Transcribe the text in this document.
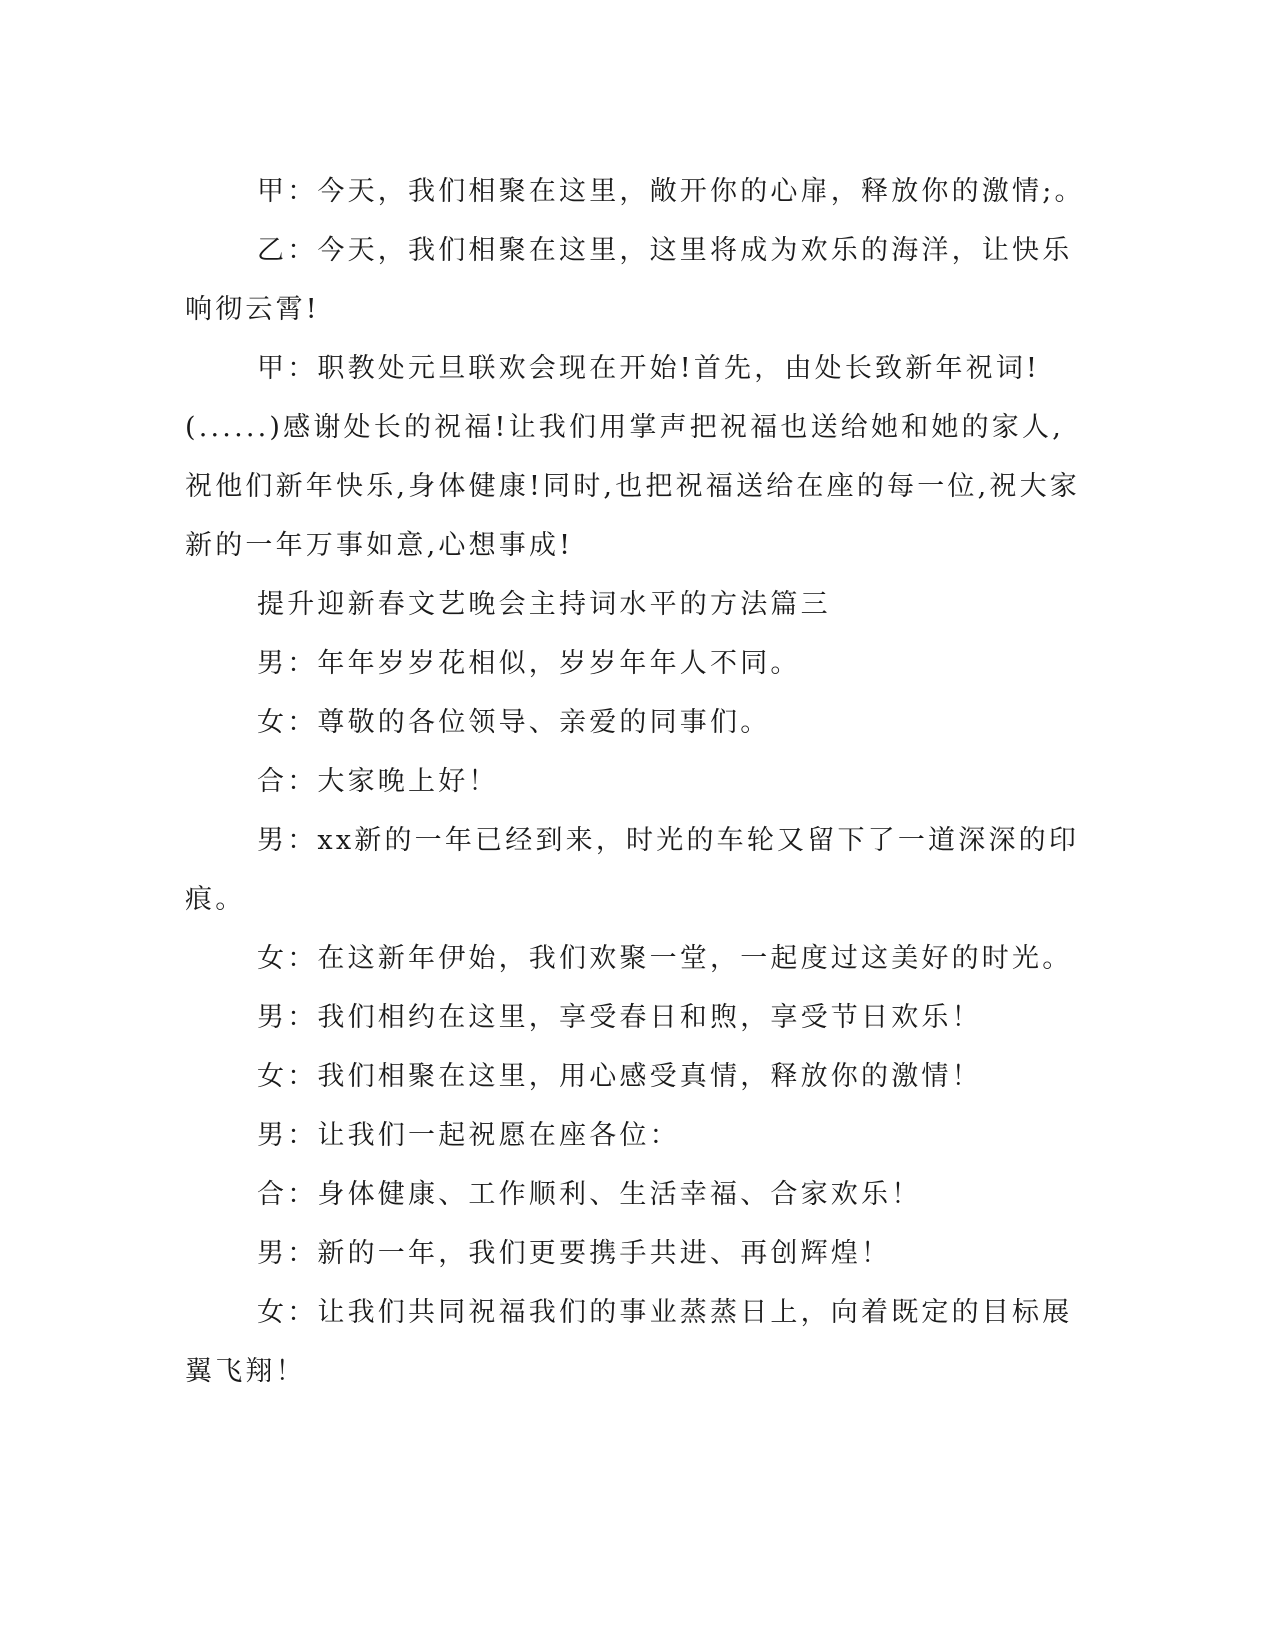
甲：今天，我们相聚在这里，敞开你的心扉，释放你的激情;。

乙：今天，我们相聚在这里，这里将成为欢乐的海洋，让快乐响彻云霄!

甲：职教处元旦联欢会现在开始!首先，由处长致新年祝词!(......)感谢处长的祝福!让我们用掌声把祝福也送给她和她的家人,祝他们新年快乐,身体健康!同时,也把祝福送给在座的每一位,祝大家新的一年万事如意,心想事成!

提升迎新春文艺晚会主持词水平的方法篇三

男：年年岁岁花相似，岁岁年年人不同。

女：尊敬的各位领导、亲爱的同事们。

合：大家晚上好！

男：xx新的一年已经到来，时光的车轮又留下了一道深深的印痕。

女：在这新年伊始，我们欢聚一堂，一起度过这美好的时光。

男：我们相约在这里，享受春日和煦，享受节日欢乐！

女：我们相聚在这里，用心感受真情，释放你的激情！

男：让我们一起祝愿在座各位：

合：身体健康、工作顺利、生活幸福、合家欢乐！

男：新的一年，我们更要携手共进、再创辉煌！

女：让我们共同祝福我们的事业蒸蒸日上，向着既定的目标展翼飞翔！
